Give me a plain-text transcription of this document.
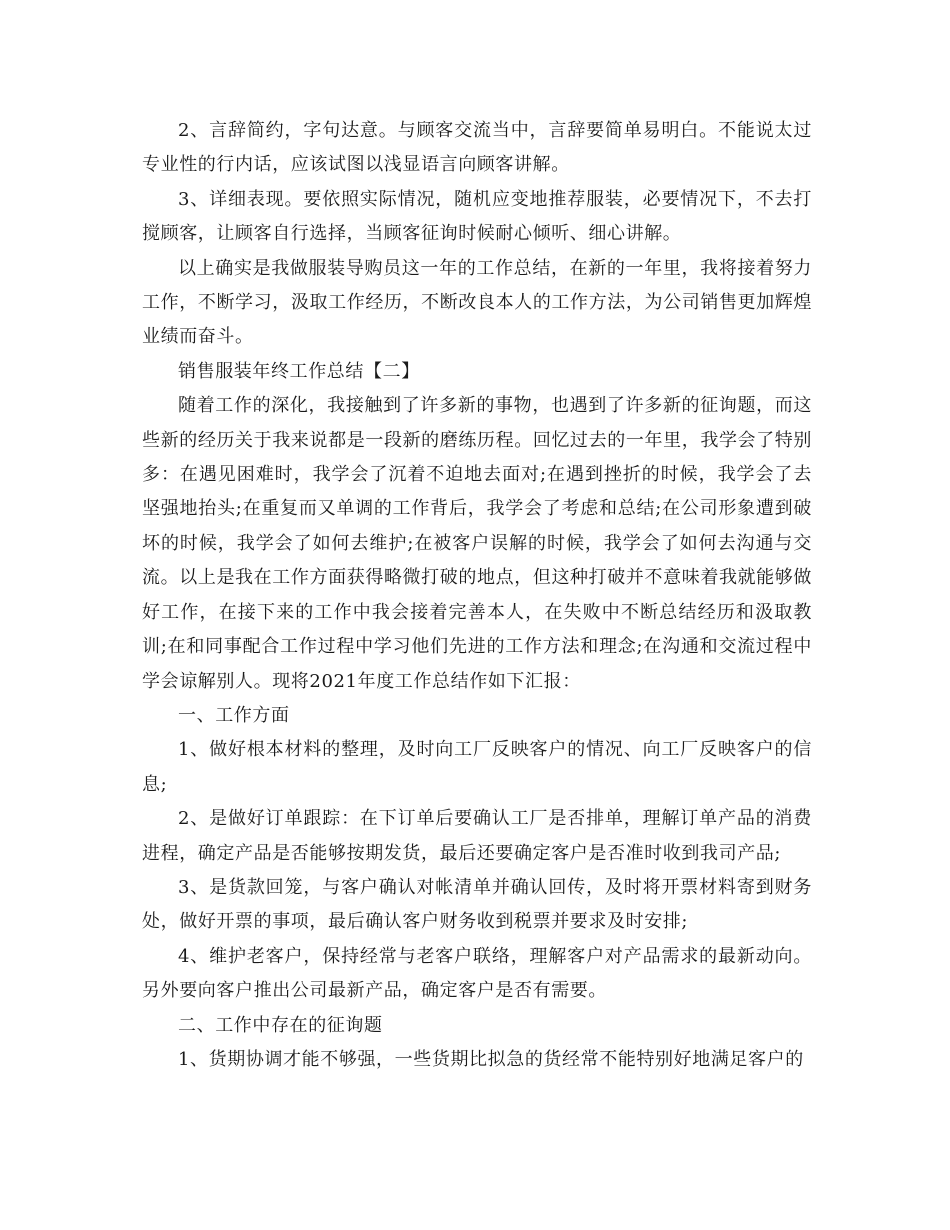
2、言辞简约，字句达意。与顾客交流当中，言辞要简单易明白。不能说太过专业性的行内话，应该试图以浅显语言向顾客讲解。

3、详细表现。要依照实际情况，随机应变地推荐服装，必要情况下，不去打搅顾客，让顾客自行选择，当顾客征询时候耐心倾听、细心讲解。

以上确实是我做服装导购员这一年的工作总结，在新的一年里，我将接着努力工作，不断学习，汲取工作经历，不断改良本人的工作方法，为公司销售更加辉煌业绩而奋斗。

销售服装年终工作总结【二】

随着工作的深化，我接触到了许多新的事物，也遇到了许多新的征询题，而这些新的经历关于我来说都是一段新的磨练历程。回忆过去的一年里，我学会了特别多：在遇见困难时，我学会了沉着不迫地去面对;在遇到挫折的时候，我学会了去坚强地抬头;在重复而又单调的工作背后，我学会了考虑和总结;在公司形象遭到破坏的时候，我学会了如何去维护;在被客户误解的时候，我学会了如何去沟通与交流。以上是我在工作方面获得略微打破的地点，但这种打破并不意味着我就能够做好工作，在接下来的工作中我会接着完善本人，在失败中不断总结经历和汲取教训;在和同事配合工作过程中学习他们先进的工作方法和理念;在沟通和交流过程中学会谅解别人。现将2021年度工作总结作如下汇报：

一、工作方面

1、做好根本材料的整理，及时向工厂反映客户的情况、向工厂反映客户的信息;

2、是做好订单跟踪：在下订单后要确认工厂是否排单，理解订单产品的消费进程，确定产品是否能够按期发货，最后还要确定客户是否准时收到我司产品;

3、是货款回笼，与客户确认对帐清单并确认回传，及时将开票材料寄到财务处，做好开票的事项，最后确认客户财务收到税票并要求及时安排;

4、维护老客户，保持经常与老客户联络，理解客户对产品需求的最新动向。另外要向客户推出公司最新产品，确定客户是否有需要。

二、工作中存在的征询题

1、货期协调才能不够强，一些货期比拟急的货经常不能特别好地满足客户的
